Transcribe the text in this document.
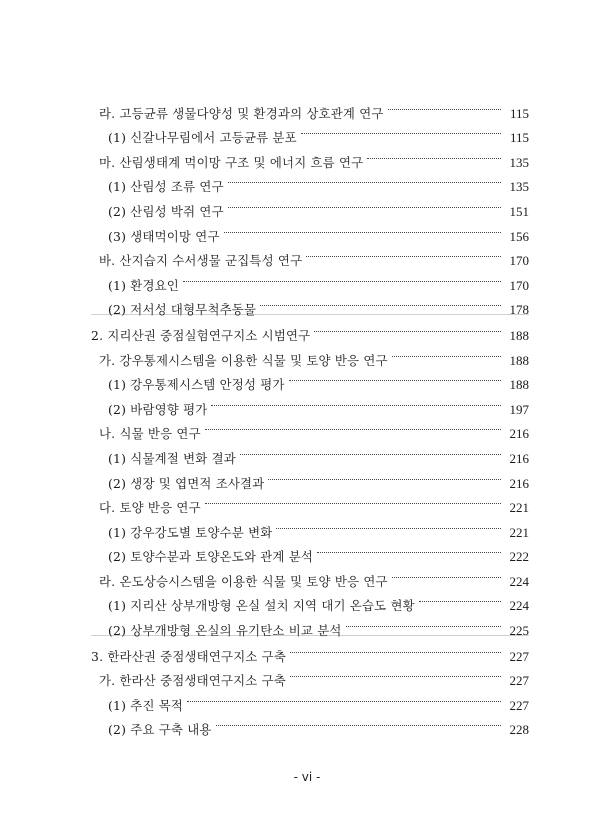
라. 고등균류 생물다양성 및 환경과의 상호관계 연구	115
(1) 신갈나무림에서 고등균류 분포	115
마. 산림생태계 먹이망 구조 및 에너지 흐름 연구	135
(1) 산림성 조류 연구	135
(2) 산림성 박쥐 연구	151
(3) 생태먹이망 연구	156
바. 산지습지 수서생물 군집특성 연구	170
(1) 환경요인	170
(2) 저서성 대형무척추동물	178
2. 지리산권 중점실험연구지소 시범연구	188
가. 강우통제시스템을 이용한 식물 및 토양 반응 연구	188
(1) 강우통제시스템 안정성 평가	188
(2) 바람영향 평가	197
나. 식물 반응 연구	216
(1) 식물계절 변화 결과	216
(2) 생장 및 엽면적 조사결과	216
다. 토양 반응 연구	221
(1) 강우강도별 토양수분 변화	221
(2) 토양수분과 토양온도와 관계 분석	222
라. 온도상승시스템을 이용한 식물 및 토양 반응 연구	224
(1) 지리산 상부개방형 온실 설치 지역 대기 온습도 현황	224
(2) 상부개방형 온실의 유기탄소 비교 분석	225
3. 한라산권 중점생태연구지소 구축	227
가. 한라산 중점생태연구지소 구축	227
(1) 추진 목적	227
(2) 주요 구축 내용	228
- vi -
